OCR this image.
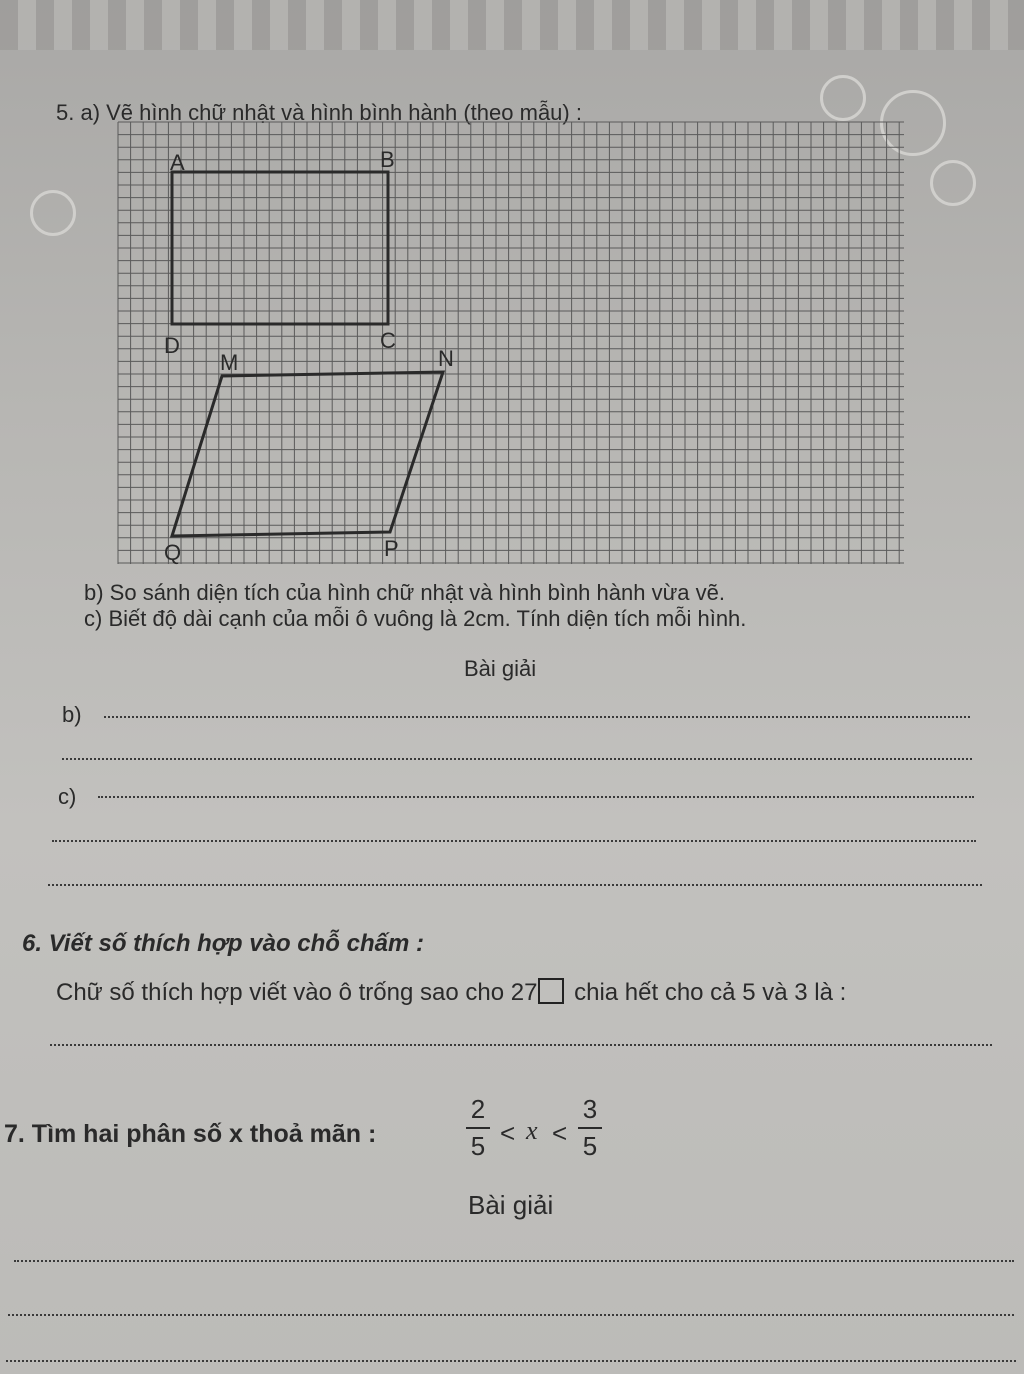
5. a) Vẽ hình chữ nhật và hình bình hành (theo mẫu) :
A	B
D	C
M	N
Q	P
b) So sánh diện tích của hình chữ nhật và hình bình hành vừa vẽ.
c) Biết độ dài cạnh của mỗi ô vuông là 2cm. Tính diện tích mỗi hình.
Bài giải
b)
c)
6. Viết số thích hợp vào chỗ chấm :
Chữ số thích hợp viết vào ô trống sao cho 27 chia hết cho cả 5 và 3 là :
7. Tìm hai phân số x thoả mãn :
2
5 < x <
3
5
Bài giải
